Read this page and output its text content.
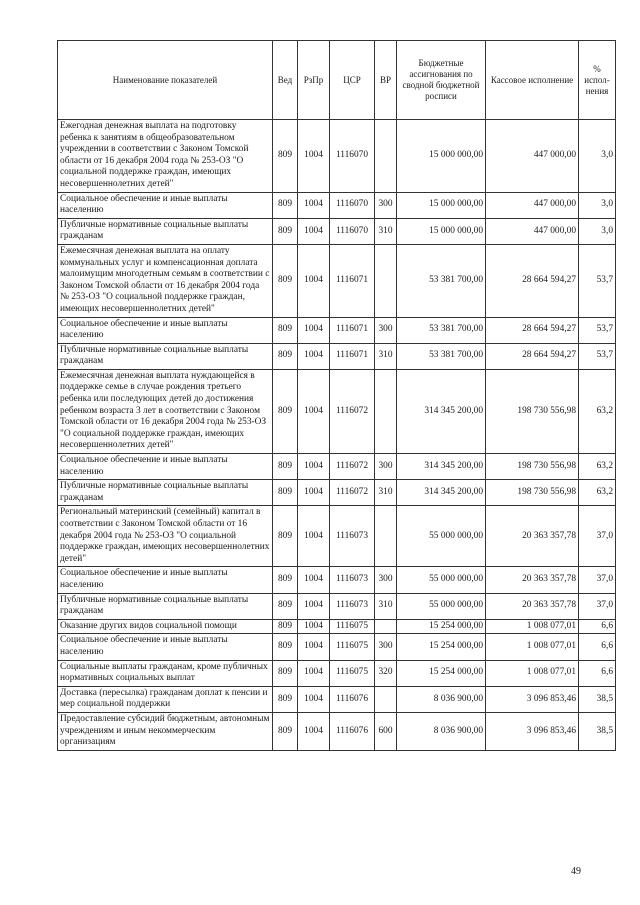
Наименование показателей	Вед	РзПр	ЦСР	ВР	Бюджетные ассигнования по сводной бюджетной росписи	Кассовое исполнение	% испол-нения
Ежегодная денежная выплата на подготовку ребенка к занятиям в общеобразовательном учреждении в соответствии с Законом Томской области от 16 декабря 2004 года № 253-ОЗ "О социальной поддержке граждан, имеющих несовершеннолетних детей"	809	1004	1116070		15 000 000,00	447 000,00	3,0
Социальное обеспечение и иные выплаты населению	809	1004	1116070	300	15 000 000,00	447 000,00	3,0
Публичные нормативные социальные выплаты гражданам	809	1004	1116070	310	15 000 000,00	447 000,00	3,0
Ежемесячная денежная выплата на оплату коммунальных услуг и компенсационная доплата малоимущим многодетным семьям в соответствии с Законом Томской области от 16 декабря 2004 года № 253-ОЗ "О социальной поддержке граждан, имеющих несовершеннолетних детей"	809	1004	1116071		53 381 700,00	28 664 594,27	53,7
Социальное обеспечение и иные выплаты населению	809	1004	1116071	300	53 381 700,00	28 664 594,27	53,7
Публичные нормативные социальные выплаты гражданам	809	1004	1116071	310	53 381 700,00	28 664 594,27	53,7
Ежемесячная денежная выплата нуждающейся в поддержке семье в случае рождения третьего ребенка или последующих детей до достижения ребенком возраста 3 лет в соответствии с Законом Томской области от 16 декабря 2004 года № 253-ОЗ "О социальной поддержке граждан, имеющих несовершеннолетних детей"	809	1004	1116072		314 345 200,00	198 730 556,98	63,2
Социальное обеспечение и иные выплаты населению	809	1004	1116072	300	314 345 200,00	198 730 556,98	63,2
Публичные нормативные социальные выплаты гражданам	809	1004	1116072	310	314 345 200,00	198 730 556,98	63,2
Региональный материнский (семейный) капитал в соответствии с Законом Томской области от 16 декабря 2004 года № 253-ОЗ "О социальной поддержке граждан, имеющих несовершеннолетних детей"	809	1004	1116073		55 000 000,00	20 363 357,78	37,0
Социальное обеспечение и иные выплаты населению	809	1004	1116073	300	55 000 000,00	20 363 357,78	37,0
Публичные нормативные социальные выплаты гражданам	809	1004	1116073	310	55 000 000,00	20 363 357,78	37,0
Оказание других видов социальной помощи	809	1004	1116075		15 254 000,00	1 008 077,01	6,6
Социальное обеспечение и иные выплаты населению	809	1004	1116075	300	15 254 000,00	1 008 077,01	6,6
Социальные выплаты гражданам, кроме публичных нормативных социальных выплат	809	1004	1116075	320	15 254 000,00	1 008 077,01	6,6
Доставка (пересылка) гражданам доплат к пенсии и мер социальной поддержки	809	1004	1116076		8 036 900,00	3 096 853,46	38,5
Предоставление субсидий бюджетным, автономным учреждениям и иным некоммерческим организациям	809	1004	1116076	600	8 036 900,00	3 096 853,46	38,5
49
